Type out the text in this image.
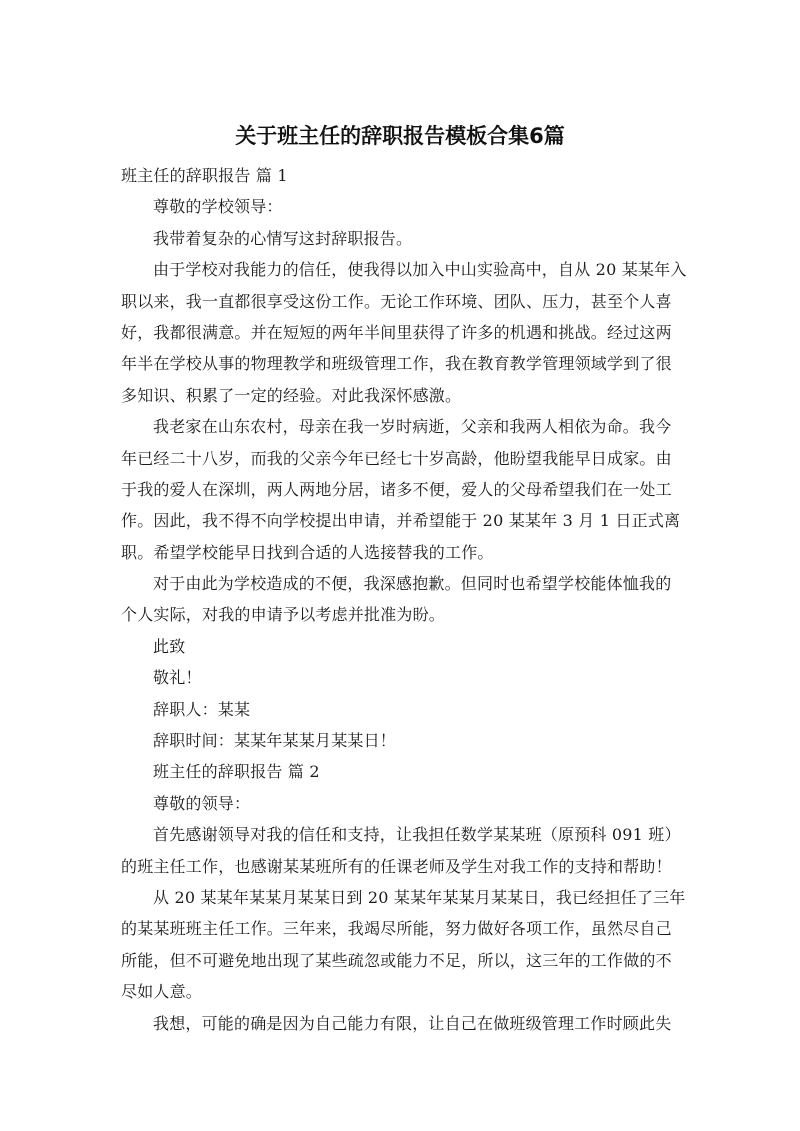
关于班主任的辞职报告模板合集6篇
班主任的辞职报告 篇 1
尊敬的学校领导：
我带着复杂的心情写这封辞职报告。
由于学校对我能力的信任，使我得以加入中山实验高中，自从 20 某某年入
职以来，我一直都很享受这份工作。无论工作环境、团队、压力，甚至个人喜
好，我都很满意。并在短短的两年半间里获得了许多的机遇和挑战。经过这两
年半在学校从事的物理教学和班级管理工作，我在教育教学管理领域学到了很
多知识、积累了一定的经验。对此我深怀感激。
我老家在山东农村，母亲在我一岁时病逝，父亲和我两人相依为命。我今
年已经二十八岁，而我的父亲今年已经七十岁高龄，他盼望我能早日成家。由
于我的爱人在深圳，两人两地分居，诸多不便，爱人的父母希望我们在一处工
作。因此，我不得不向学校提出申请，并希望能于 20 某某年 3 月 1 日正式离
职。希望学校能早日找到合适的人选接替我的工作。
对于由此为学校造成的不便，我深感抱歉。但同时也希望学校能体恤我的
个人实际，对我的申请予以考虑并批准为盼。
此致
敬礼！
辞职人：某某
辞职时间：某某年某某月某某日！
班主任的辞职报告 篇 2
尊敬的领导：
首先感谢领导对我的信任和支持，让我担任数学某某班（原预科 091 班）
的班主任工作，也感谢某某班所有的任课老师及学生对我工作的支持和帮助！
从 20 某某年某某月某某日到 20 某某年某某月某某日，我已经担任了三年
的某某班班主任工作。三年来，我竭尽所能，努力做好各项工作，虽然尽自己
所能，但不可避免地出现了某些疏忽或能力不足，所以，这三年的工作做的不
尽如人意。
我想，可能的确是因为自己能力有限，让自己在做班级管理工作时顾此失
